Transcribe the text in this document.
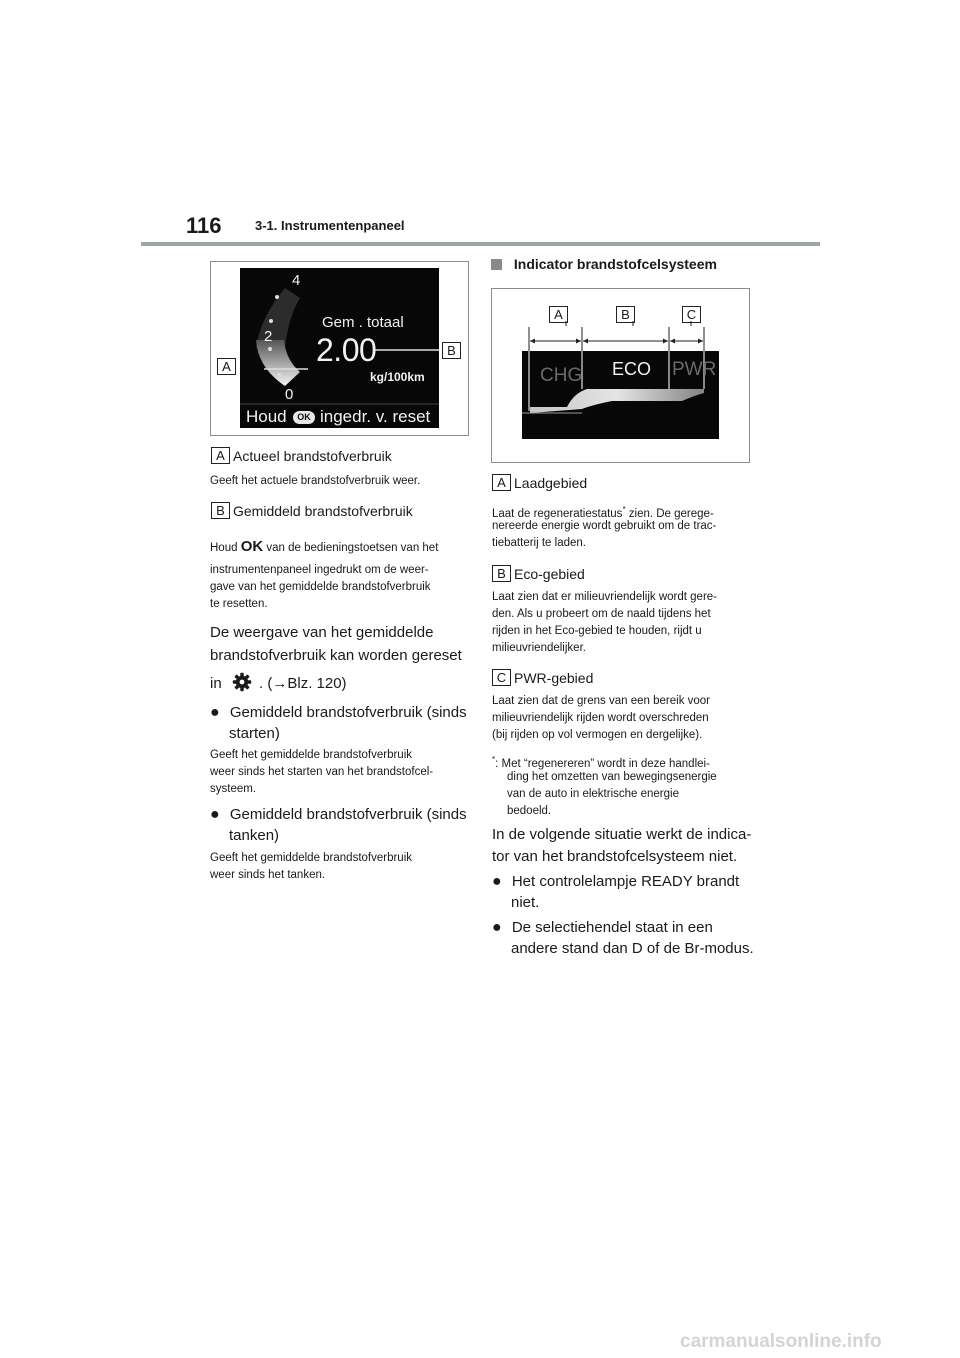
116	3-1. Instrumentenpaneel
4
2
0
Gem . totaal
2.00
kg/100km
Houd	OK ingedr. v. reset
A
B
A Actueel brandstofverbruik
Geeft het actuele brandstofverbruik weer.
B Gemiddeld brandstofverbruik
Houd OK van de bedieningstoetsen van het
instrumentenpaneel ingedrukt om de weer-
gave van het gemiddelde brandstofverbruik
te resetten.
De weergave van het gemiddelde
brandstofverbruik kan worden gereset
in . (→Blz. 120)
● Gemiddeld brandstofverbruik (sinds
starten)
Geeft het gemiddelde brandstofverbruik
weer sinds het starten van het brandstofcel-
systeem.
● Gemiddeld brandstofverbruik (sinds
tanken)
Geeft het gemiddelde brandstofverbruik
weer sinds het tanken.
Indicator brandstofcelsysteem
A	B	C
CHG ECO PWR
A Laadgebied
Laat de regeneratiestatus* zien. De gerege-
nereerde energie wordt gebruikt om de trac-
tiebatterij te laden.
B Eco-gebied
Laat zien dat er milieuvriendelijk wordt gere-
den. Als u probeert om de naald tijdens het
rijden in het Eco-gebied te houden, rijdt u
milieuvriendelijker.
C PWR-gebied
Laat zien dat de grens van een bereik voor
milieuvriendelijk rijden wordt overschreden
(bij rijden op vol vermogen en dergelijke).
*: Met “regenereren” wordt in deze handlei-
ding het omzetten van bewegingsenergie
van de auto in elektrische energie
bedoeld.
In de volgende situatie werkt de indica-
tor van het brandstofcelsysteem niet.
● Het controlelampje READY brandt
niet.
● De selectiehendel staat in een
andere stand dan D of de Br-modus.
carmanualsonline.info
